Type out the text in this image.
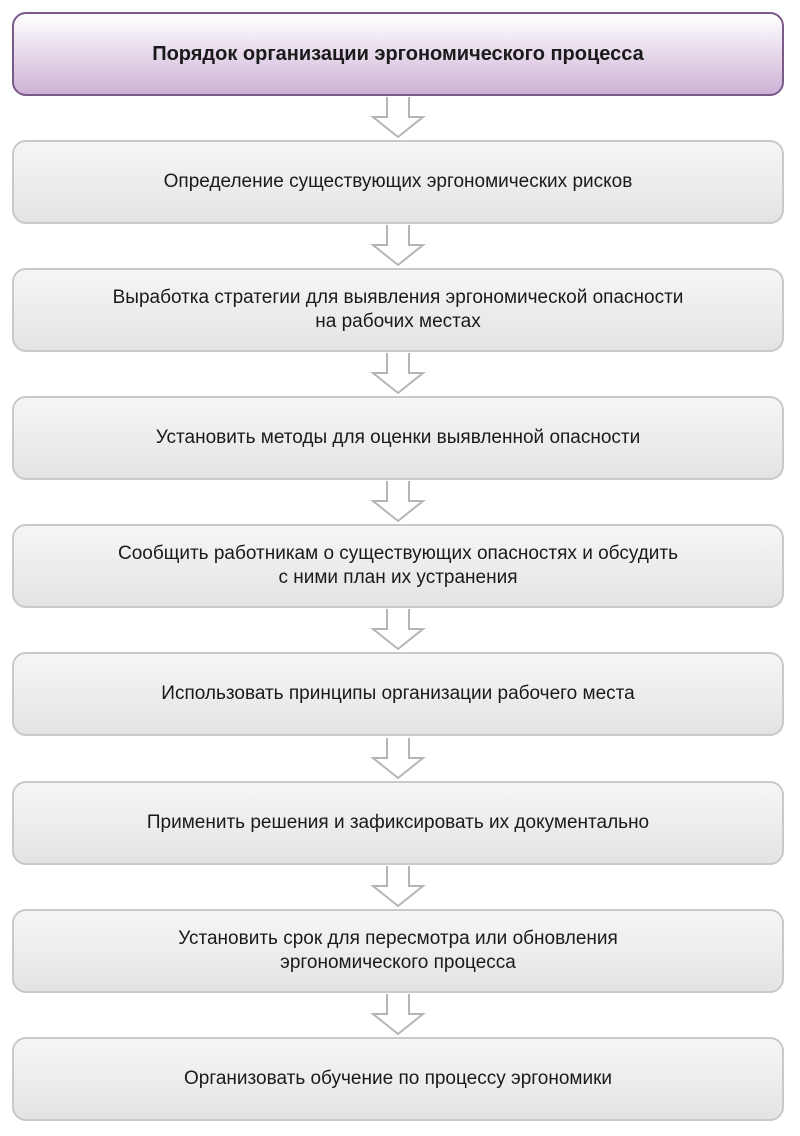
Порядок организации эргономического процесса
Определение существующих эргономических рисков
Выработка стратегии для выявления эргономической опасности
на рабочих местах
Установить методы для оценки выявленной опасности
Сообщить работникам о существующих опасностях и обсудить
с ними план их устранения
Использовать принципы организации рабочего места
Применить решения и зафиксировать их документально
Установить срок для пересмотра или обновления
эргономического процесса
Организовать обучение по процессу эргономики
